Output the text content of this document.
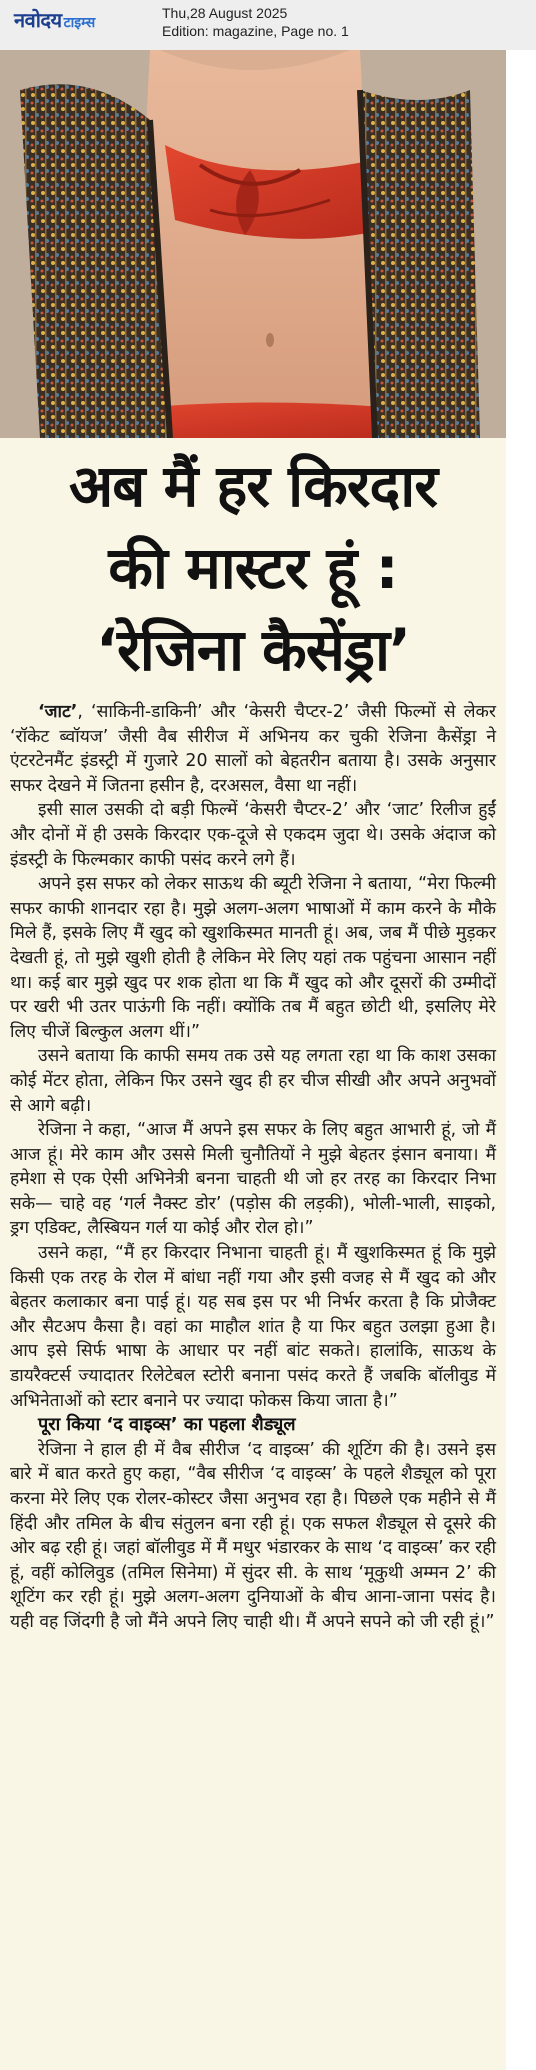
नवोदय टाइम्स
Thu,28 August 2025
Edition: magazine, Page no. 1
अब मैं हर किरदार
की मास्टर हूं :
‘रेजिना कैसेंड्रा’

‘जाट’, ‘साकिनी-डाकिनी’ और ‘केसरी चैप्टर-2’ जैसी फिल्मों से लेकर ‘रॉकेट ब्वॉयज’ जैसी वैब सीरीज में अभिनय कर चुकी रेजिना कैसेंड्रा ने एंटरटेनमैंट इंडस्ट्री में गुजारे 20 सालों को बेहतरीन बताया है। उसके अनुसार सफर देखने में जितना हसीन है, दरअसल, वैसा था नहीं।

इसी साल उसकी दो बड़ी फिल्में ‘केसरी चैप्टर-2’ और ‘जाट’ रिलीज हुईं और दोनों में ही उसके किरदार एक-दूजे से एकदम जुदा थे। उसके अंदाज को इंडस्ट्री के फिल्मकार काफी पसंद करने लगे हैं।

अपने इस सफर को लेकर साऊथ की ब्यूटी रेजिना ने बताया, “मेरा फिल्मी सफर काफी शानदार रहा है। मुझे अलग-अलग भाषाओं में काम करने के मौके मिले हैं, इसके लिए मैं खुद को खुशकिस्मत मानती हूं। अब, जब मैं पीछे मुड़कर देखती हूं, तो मुझे खुशी होती है लेकिन मेरे लिए यहां तक पहुंचना आसान नहीं था। कई बार मुझे खुद पर शक होता था कि मैं खुद को और दूसरों की उम्मीदों पर खरी भी उतर पाऊंगी कि नहीं। क्योंकि तब मैं बहुत छोटी थी, इसलिए मेरे लिए चीजें बिल्कुल अलग थीं।”

उसने बताया कि काफी समय तक उसे यह लगता रहा था कि काश उसका कोई मेंटर होता, लेकिन फिर उसने खुद ही हर चीज सीखी और अपने अनुभवों से आगे बढ़ी।

रेजिना ने कहा, “आज मैं अपने इस सफर के लिए बहुत आभारी हूं, जो मैं आज हूं। मेरे काम और उससे मिली चुनौतियों ने मुझे बेहतर इंसान बनाया। मैं हमेशा से एक ऐसी अभिनेत्री बनना चाहती थी जो हर तरह का किरदार निभा सके— चाहे वह ‘गर्ल नैक्स्ट डोर’ (पड़ोस की लड़की), भोली-भाली, साइको, ड्रग एडिक्ट, लैस्बियन गर्ल या कोई और रोल हो।”

उसने कहा, “मैं हर किरदार निभाना चाहती हूं। मैं खुशकिस्मत हूं कि मुझे किसी एक तरह के रोल में बांधा नहीं गया और इसी वजह से मैं खुद को और बेहतर कलाकार बना पाई हूं। यह सब इस पर भी निर्भर करता है कि प्रोजैक्ट और सैटअप कैसा है। वहां का माहौल शांत है या फिर बहुत उलझा हुआ है। आप इसे सिर्फ भाषा के आधार पर नहीं बांट सकते। हालांकि, साऊथ के डायरैक्टर्स ज्यादातर रिलेटेबल स्टोरी बनाना पसंद करते हैं जबकि बॉलीवुड में अभिनेताओं को स्टार बनाने पर ज्यादा फोकस किया जाता है।”

पूरा किया ‘द वाइव्स’ का पहला शैड्यूल

रेजिना ने हाल ही में वैब सीरीज ‘द वाइव्स’ की शूटिंग की है। उसने इस बारे में बात करते हुए कहा, “वैब सीरीज ‘द वाइव्स’ के पहले शैड्यूल को पूरा करना मेरे लिए एक रोलर-कोस्टर जैसा अनुभव रहा है। पिछले एक महीने से मैं हिंदी और तमिल के बीच संतुलन बना रही हूं। एक सफल शैड्यूल से दूसरे की ओर बढ़ रही हूं। जहां बॉलीवुड में मैं मधुर भंडारकर के साथ ‘द वाइव्स’ कर रही हूं, वहीं कोलिवुड (तमिल सिनेमा) में सुंदर सी. के साथ ‘मूकुथी अम्मन 2’ की शूटिंग कर रही हूं। मुझे अलग-अलग दुनियाओं के बीच आना-जाना पसंद है। यही वह जिंदगी है जो मैंने अपने लिए चाही थी। मैं अपने सपने को जी रही हूं।”
